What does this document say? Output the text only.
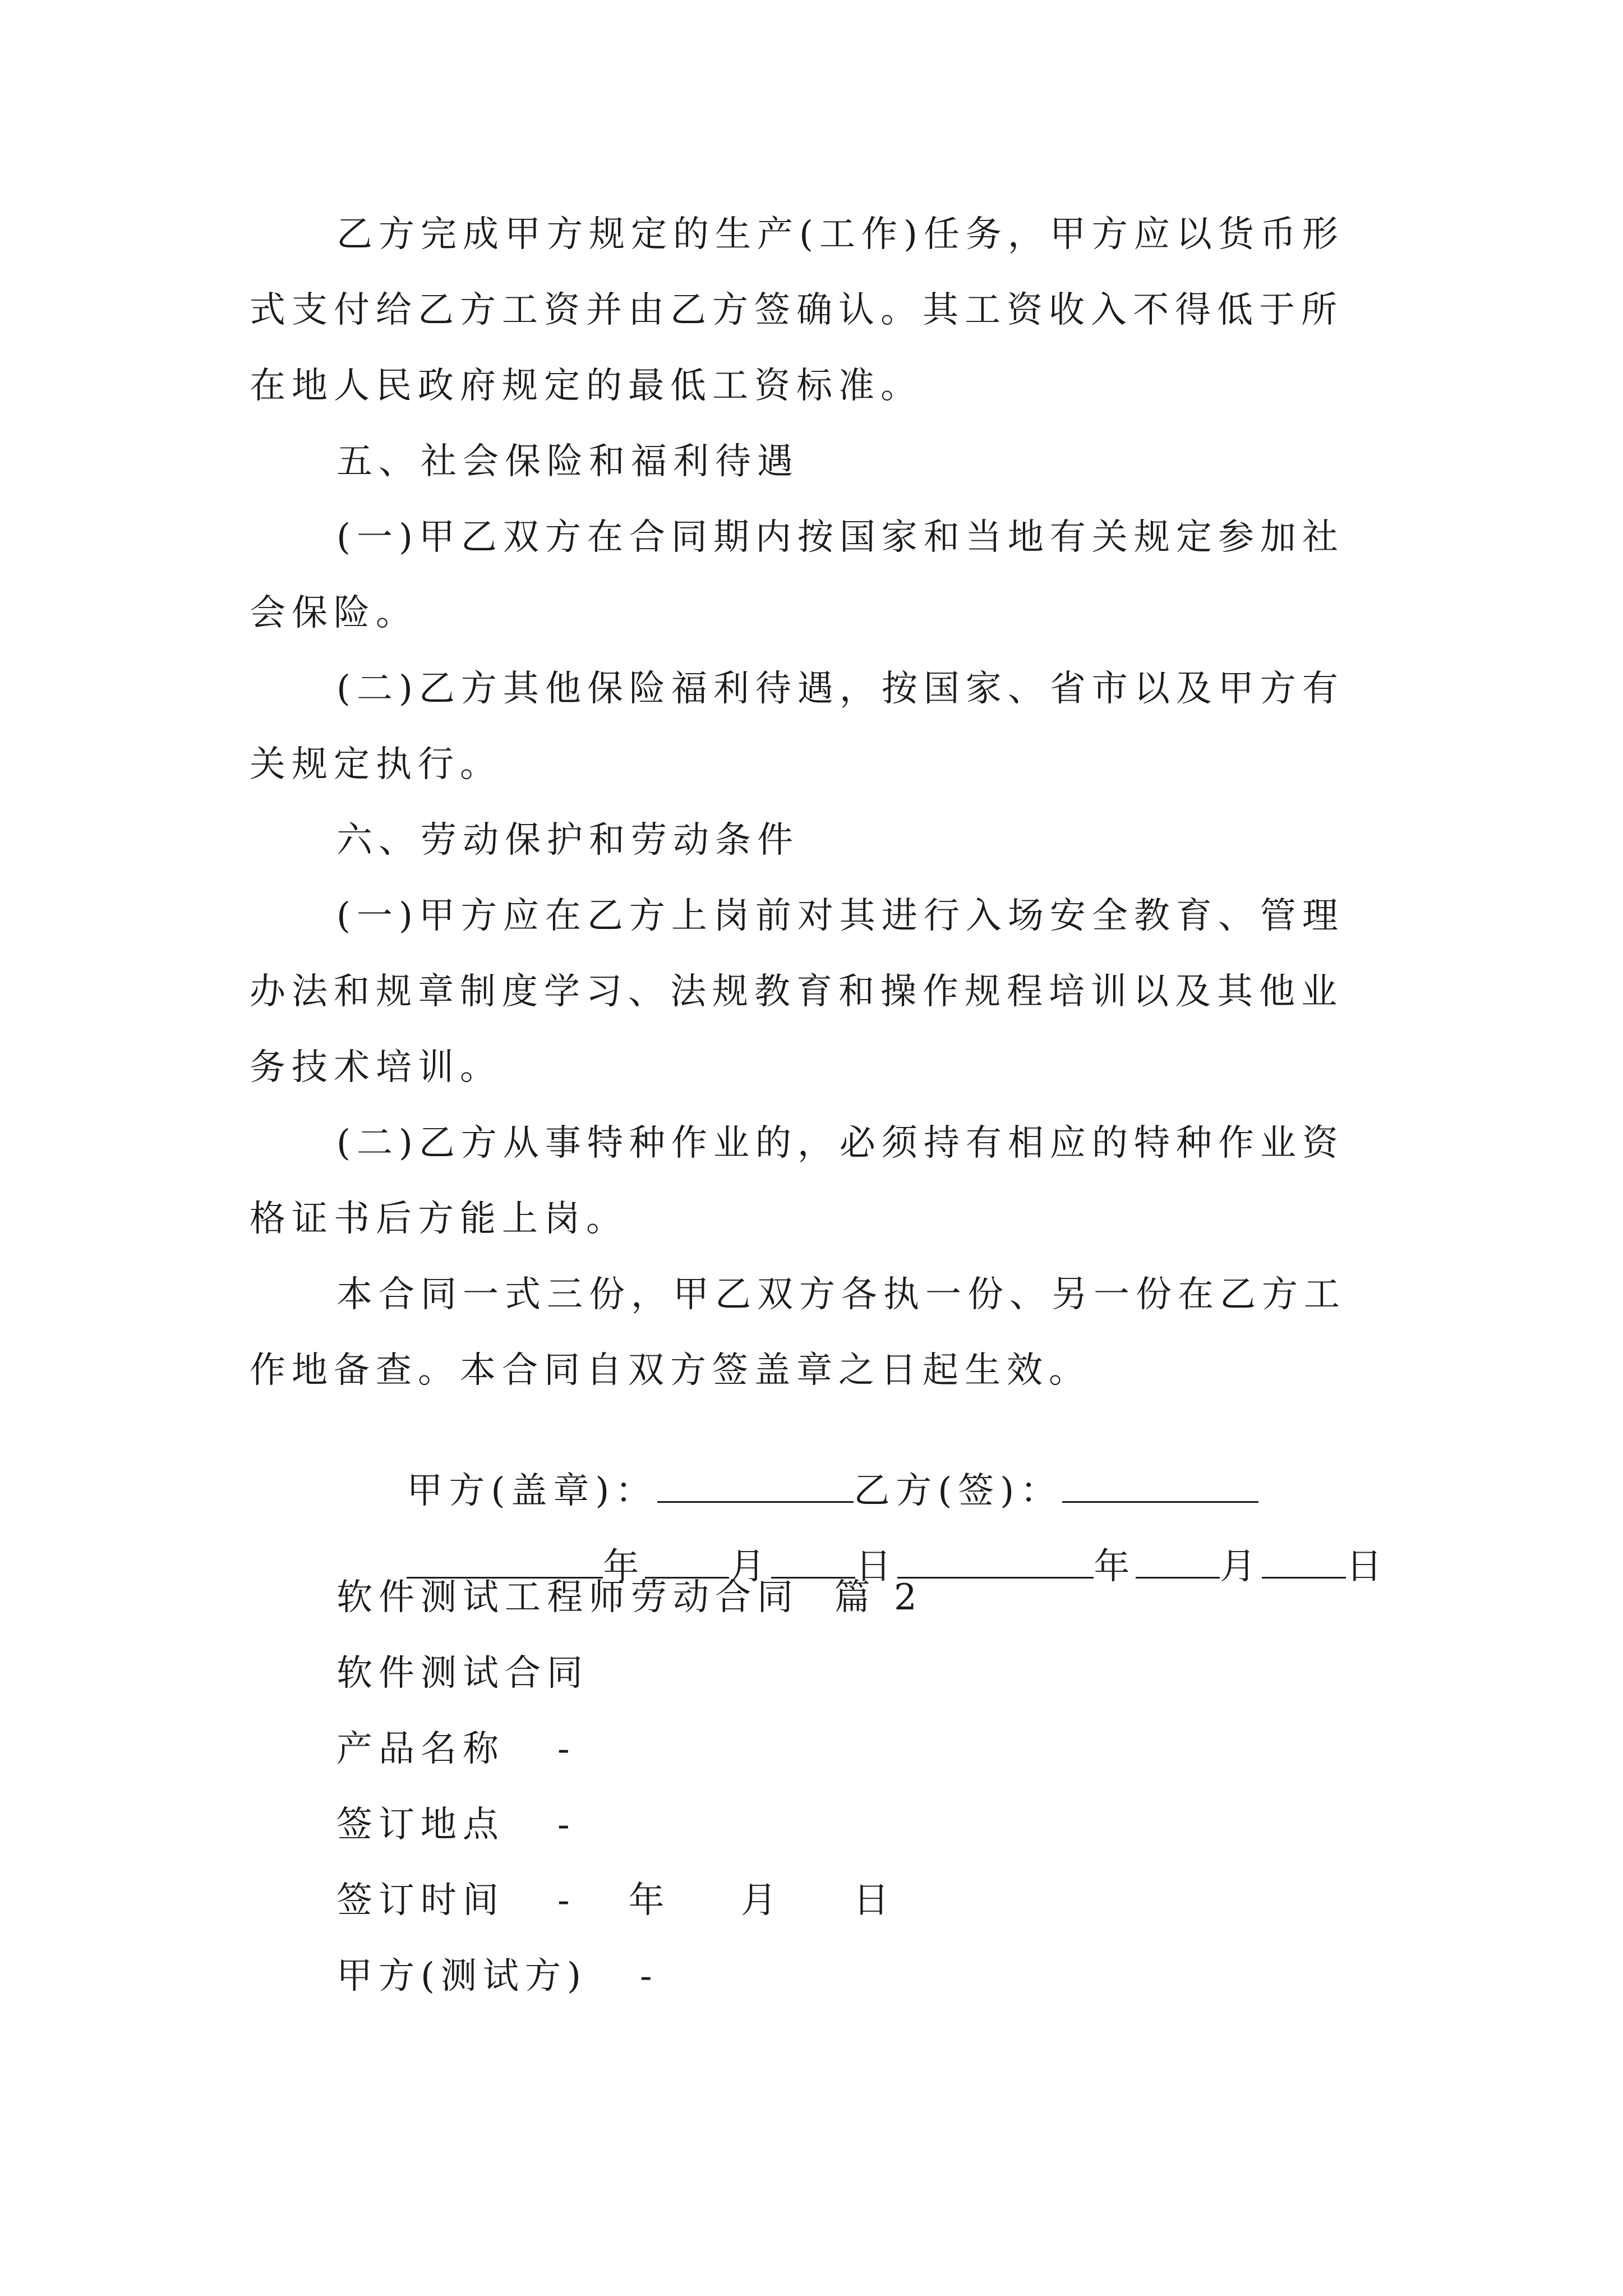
乙方完成甲方规定的生产(工作)任务，甲方应以货币形
式支付给乙方工资并由乙方签确认。其工资收入不得低于所
在地人民政府规定的最低工资标准。
五、社会保险和福利待遇
(一)甲乙双方在合同期内按国家和当地有关规定参加社
会保险。
(二)乙方其他保险福利待遇，按国家、省市以及甲方有
关规定执行。
六、劳动保护和劳动条件
(一)甲方应在乙方上岗前对其进行入场安全教育、管理
办法和规章制度学习、法规教育和操作规程培训以及其他业
务技术培训。
(二)乙方从事特种作业的，必须持有相应的特种作业资
格证书后方能上岗。
本合同一式三份，甲乙双方各执一份、另一份在乙方工
作地备查。本合同自双方签盖章之日起生效。

甲方(盖章)：	乙方(签)：

年 月 日	年 月 日

软件测试工程师劳动合同  篇 2
软件测试合同
产品名称   -
签订地点   -
签订时间   -   年    月    日
甲方(测试方)   -
